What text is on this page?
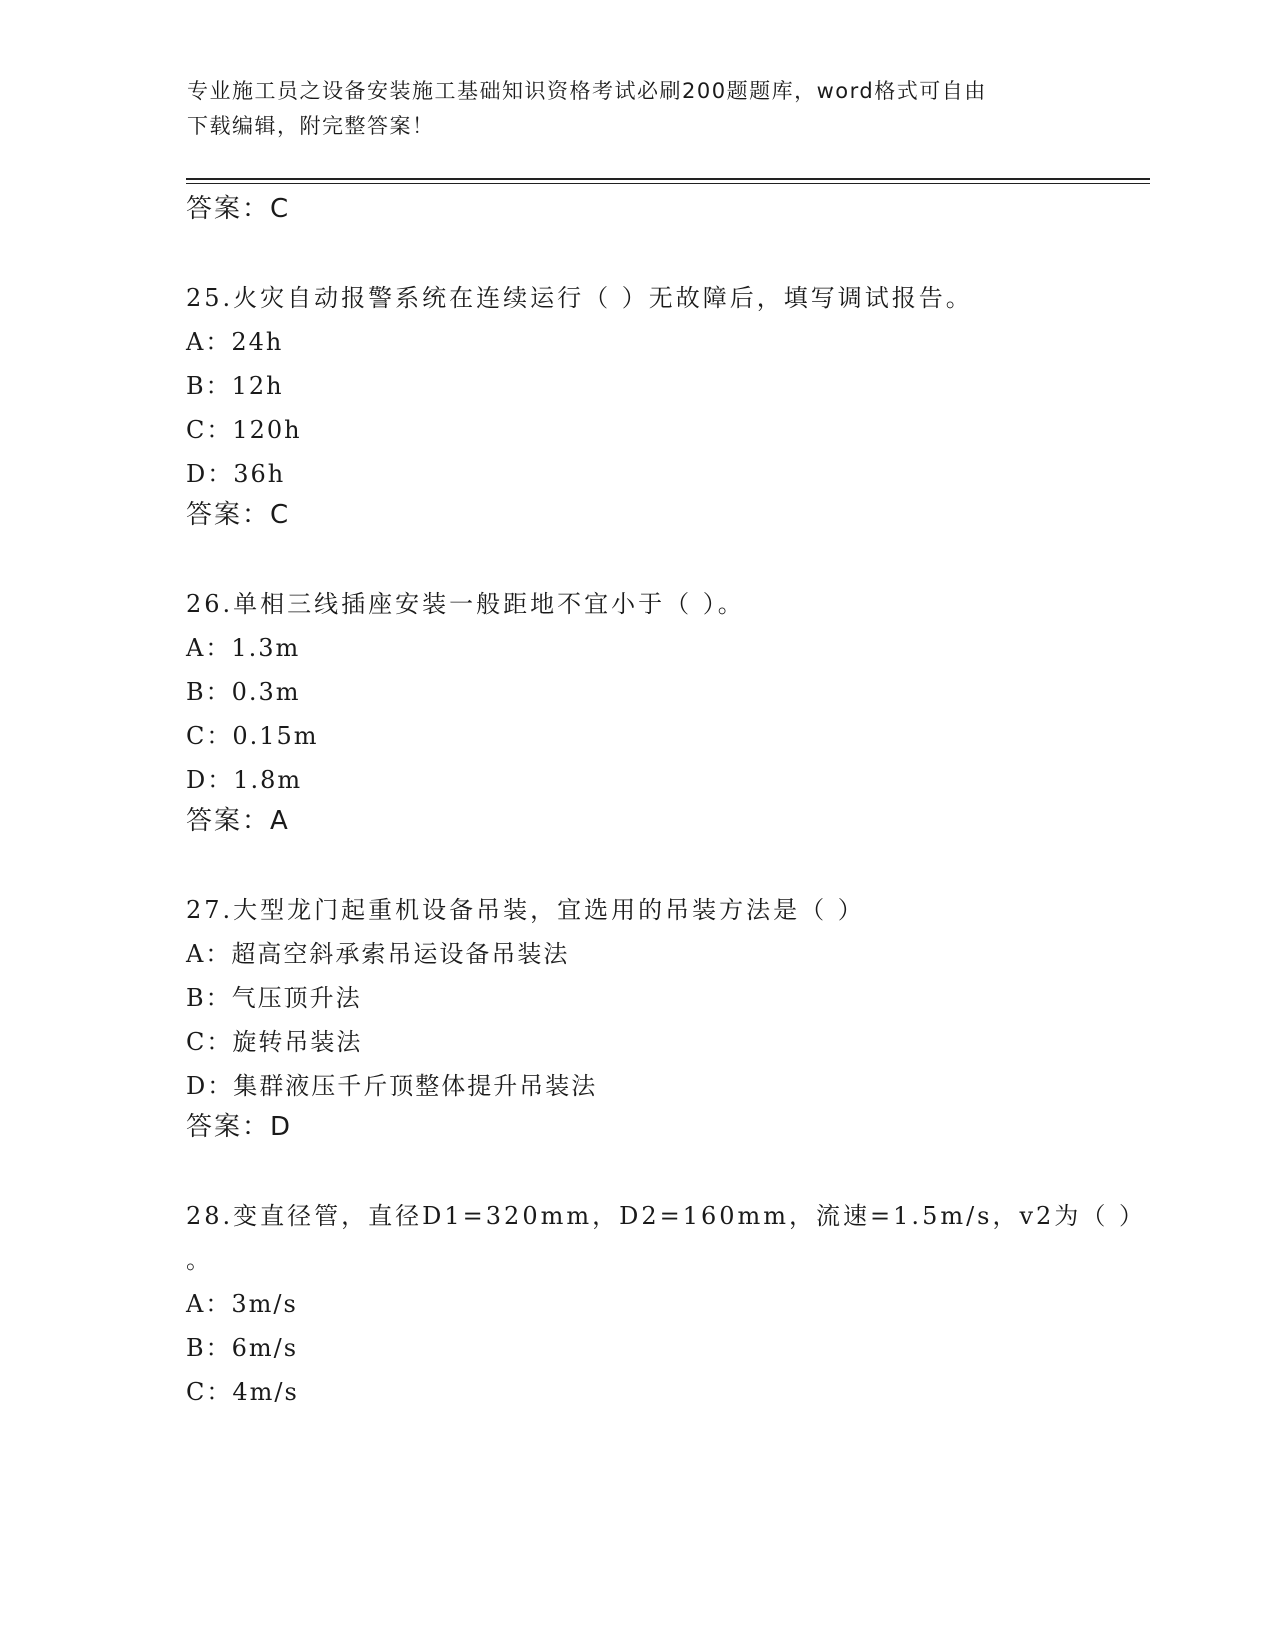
专业施工员之设备安装施工基础知识资格考试必刷200题题库，word格式可自由
下载编辑，附完整答案！
答案：C
25.火灾自动报警系统在连续运行（ ）无故障后，填写调试报告。
A：24h
B：12h
C：120h
D：36h
答案：C
26.单相三线插座安装一般距地不宜小于（ ）。
A：1.3m
B：0.3m
C：0.15m
D：1.8m
答案：A
27.大型龙门起重机设备吊装，宜选用的吊装方法是（ ）
A：超高空斜承索吊运设备吊装法
B：气压顶升法
C：旋转吊装法
D：集群液压千斤顶整体提升吊装法
答案：D
28.变直径管，直径D1=320mm，D2=160mm，流速=1.5m/s，v2为（ ）
。
A：3m/s
B：6m/s
C：4m/s
